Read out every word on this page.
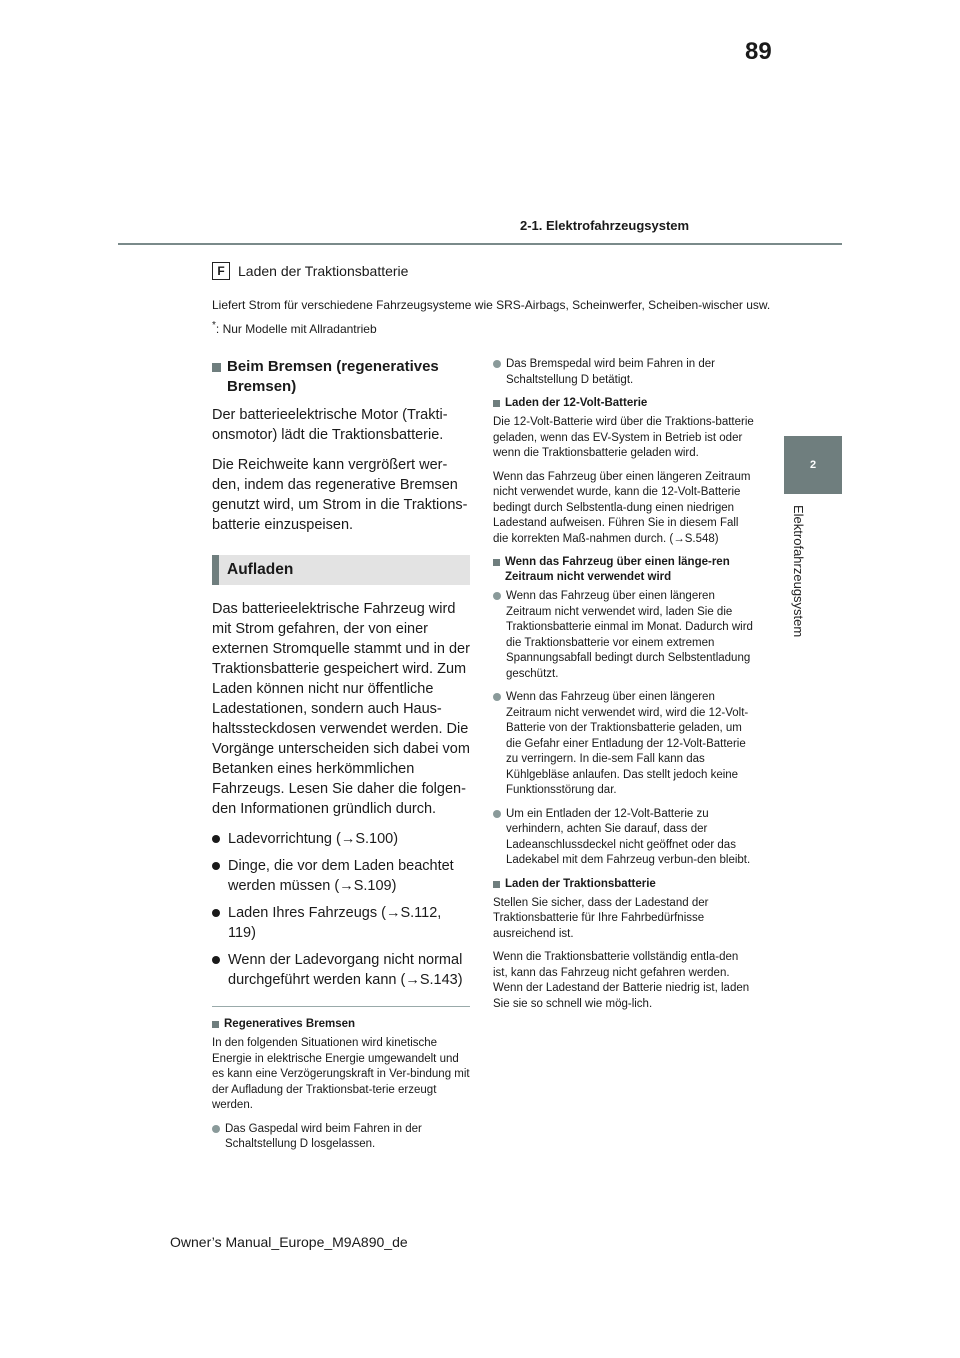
89
2-1. Elektrofahrzeugsystem
2
Elektrofahrzeugsystem
F Laden der Traktionsbatterie

Liefert Strom für verschiedene Fahrzeugsysteme wie SRS-Airbags, Scheinwerfer, Scheiben-wischer usw.

*: Nur Modelle mit Allradantrieb

Beim Bremsen (regeneratives Bremsen)

Der batterieelektrische Motor (Trakti-onsmotor) lädt die Traktionsbatterie.

Die Reichweite kann vergrößert wer-den, indem das regenerative Bremsen genutzt wird, um Strom in die Traktions-batterie einzuspeisen.

Aufladen

Das batterieelektrische Fahrzeug wird mit Strom gefahren, der von einer externen Stromquelle stammt und in der Traktionsbatterie gespeichert wird. Zum Laden können nicht nur öffentliche Ladestationen, sondern auch Haus-haltssteckdosen verwendet werden. Die Vorgänge unterscheiden sich dabei vom Betanken eines herkömmlichen Fahrzeugs. Lesen Sie daher die folgen-den Informationen gründlich durch.

Ladevorrichtung (→S.100)
Dinge, die vor dem Laden beachtet werden müssen (→S.109)
Laden Ihres Fahrzeugs (→S.112, 119)
Wenn der Ladevorgang nicht normal durchgeführt werden kann (→S.143)
Regeneratives Bremsen

In den folgenden Situationen wird kinetische Energie in elektrische Energie umgewandelt und es kann eine Verzögerungskraft in Ver-bindung mit der Aufladung der Traktionsbat-terie erzeugt werden.

Das Gaspedal wird beim Fahren in der Schaltstellung D losgelassen.
Das Bremspedal wird beim Fahren in der Schaltstellung D betätigt.
Laden der 12-Volt-Batterie

Die 12-Volt-Batterie wird über die Traktions-batterie geladen, wenn das EV-System in Betrieb ist oder wenn die Traktionsbatterie geladen wird.

Wenn das Fahrzeug über einen längeren Zeitraum nicht verwendet wurde, kann die 12-Volt-Batterie bedingt durch Selbstentla-dung einen niedrigen Ladestand aufweisen. Führen Sie in diesem Fall die korrekten Maß-nahmen durch. (→S.548)

Wenn das Fahrzeug über einen länge-ren Zeitraum nicht verwendet wird
Wenn das Fahrzeug über einen längeren Zeitraum nicht verwendet wird, laden Sie die Traktionsbatterie einmal im Monat. Dadurch wird die Traktionsbatterie vor einem extremen Spannungsabfall bedingt durch Selbstentladung geschützt.
Wenn das Fahrzeug über einen längeren Zeitraum nicht verwendet wird, wird die 12-Volt-Batterie von der Traktionsbatterie geladen, um die Gefahr einer Entladung der 12-Volt-Batterie zu verringern. In die-sem Fall kann das Kühlgebläse anlaufen. Das stellt jedoch keine Funktionsstörung dar.
Um ein Entladen der 12-Volt-Batterie zu verhindern, achten Sie darauf, dass der Ladeanschlussdeckel nicht geöffnet oder das Ladekabel mit dem Fahrzeug verbun-den bleibt.
Laden der Traktionsbatterie

Stellen Sie sicher, dass der Ladestand der Traktionsbatterie für Ihre Fahrbedürfnisse ausreichend ist.

Wenn die Traktionsbatterie vollständig entla-den ist, kann das Fahrzeug nicht gefahren werden. Wenn der Ladestand der Batterie niedrig ist, laden Sie sie so schnell wie mög-lich.

Owner’s Manual_Europe_M9A890_de
